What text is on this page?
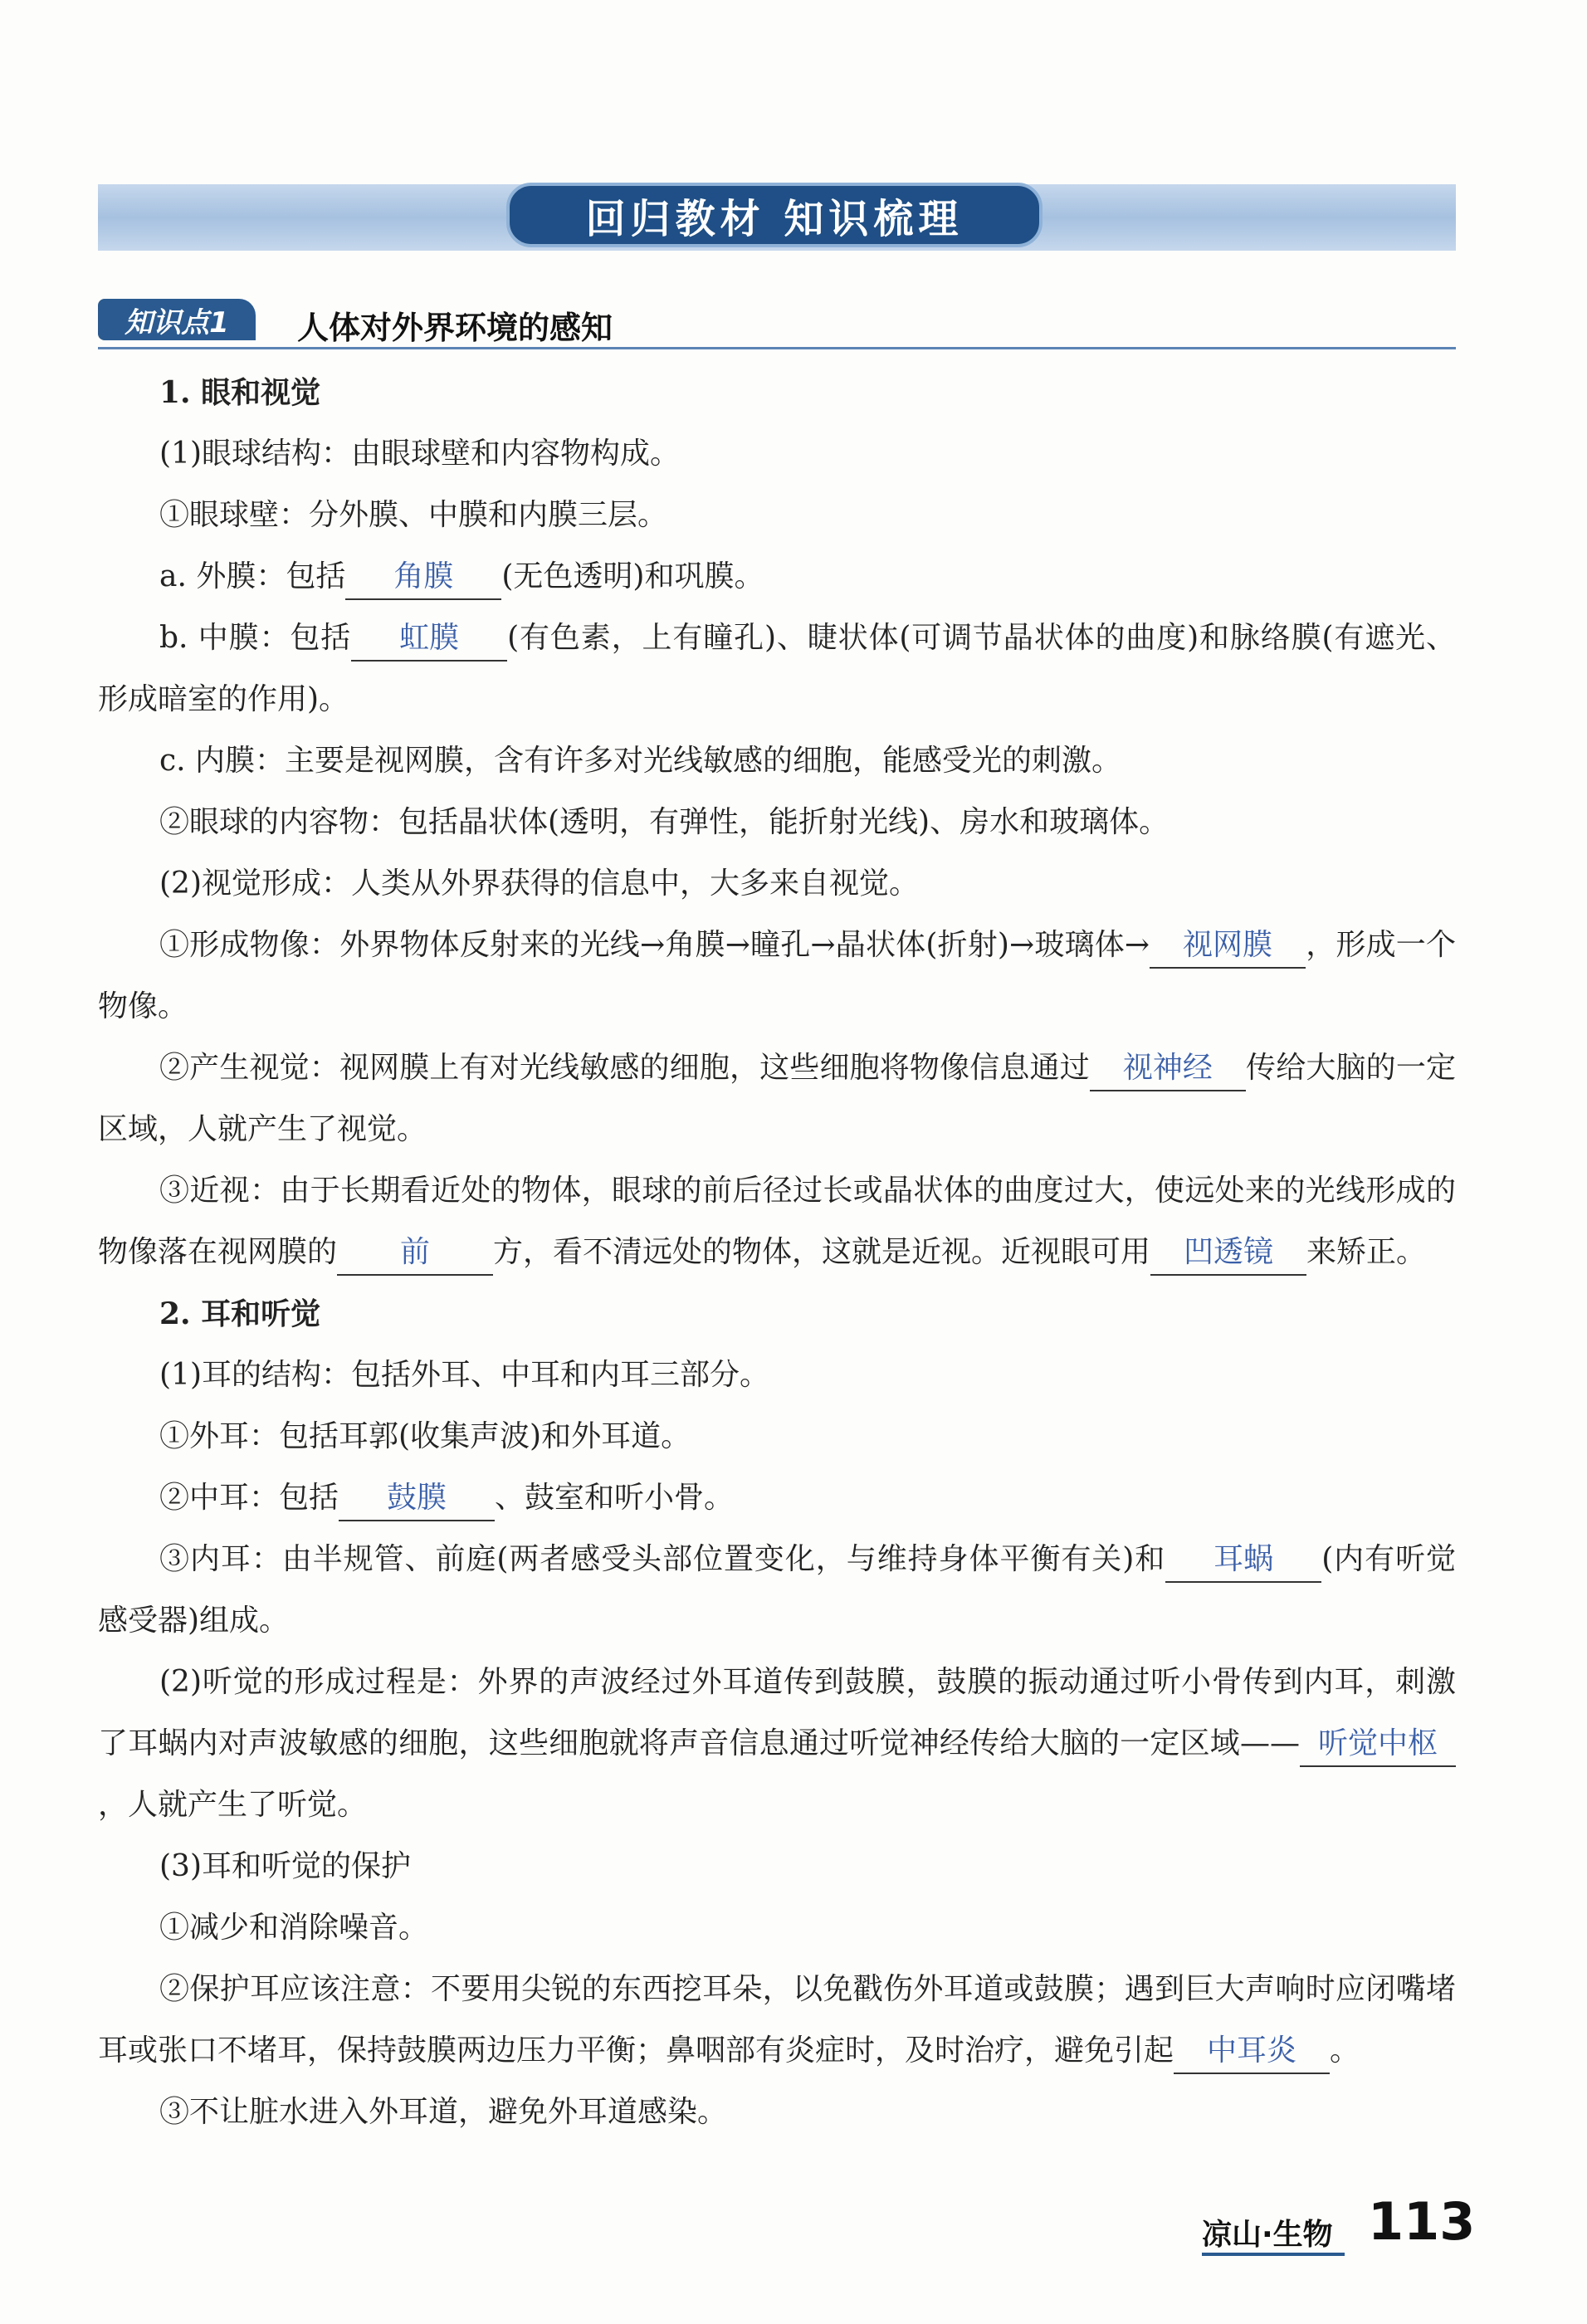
回归教材 知识梳理
知识点1	人体对外界环境的感知

1. 眼和视觉

(1)眼球结构：由眼球壁和内容物构成。

①眼球壁：分外膜、中膜和内膜三层。

a. 外膜：包括 角膜 (无色透明)和巩膜。

b. 中膜：包括 虹膜 (有色素，上有瞳孔)、睫状体(可调节晶状体的曲度)和脉络膜(有遮光、形成暗室的作用)。

c. 内膜：主要是视网膜，含有许多对光线敏感的细胞，能感受光的刺激。

②眼球的内容物：包括晶状体(透明，有弹性，能折射光线)、房水和玻璃体。

(2)视觉形成：人类从外界获得的信息中，大多来自视觉。

①形成物像：外界物体反射来的光线→角膜→瞳孔→晶状体(折射)→玻璃体→ 视网膜 ，形成一个物像。

②产生视觉：视网膜上有对光线敏感的细胞，这些细胞将物像信息通过 视神经 传给大脑的一定区域，人就产生了视觉。

③近视：由于长期看近处的物体，眼球的前后径过长或晶状体的曲度过大，使远处来的光线形成的物像落在视网膜的 前 方，看不清远处的物体，这就是近视。近视眼可用 凹透镜 来矫正。

2. 耳和听觉

(1)耳的结构：包括外耳、中耳和内耳三部分。

①外耳：包括耳郭(收集声波)和外耳道。

②中耳：包括 鼓膜 、鼓室和听小骨。

③内耳：由半规管、前庭(两者感受头部位置变化，与维持身体平衡有关)和 耳蜗 (内有听觉感受器)组成。

(2)听觉的形成过程是：外界的声波经过外耳道传到鼓膜，鼓膜的振动通过听小骨传到内耳，刺激了耳蜗内对声波敏感的细胞，这些细胞就将声音信息通过听觉神经传给大脑的一定区域—— 听觉中枢，人就产生了听觉。

(3)耳和听觉的保护

①减少和消除噪音。

②保护耳应该注意：不要用尖锐的东西挖耳朵，以免戳伤外耳道或鼓膜；遇到巨大声响时应闭嘴堵耳或张口不堵耳，保持鼓膜两边压力平衡；鼻咽部有炎症时，及时治疗，避免引起 中耳炎 。

③不让脏水进入外耳道，避免外耳道感染。

凉山·生物 113
